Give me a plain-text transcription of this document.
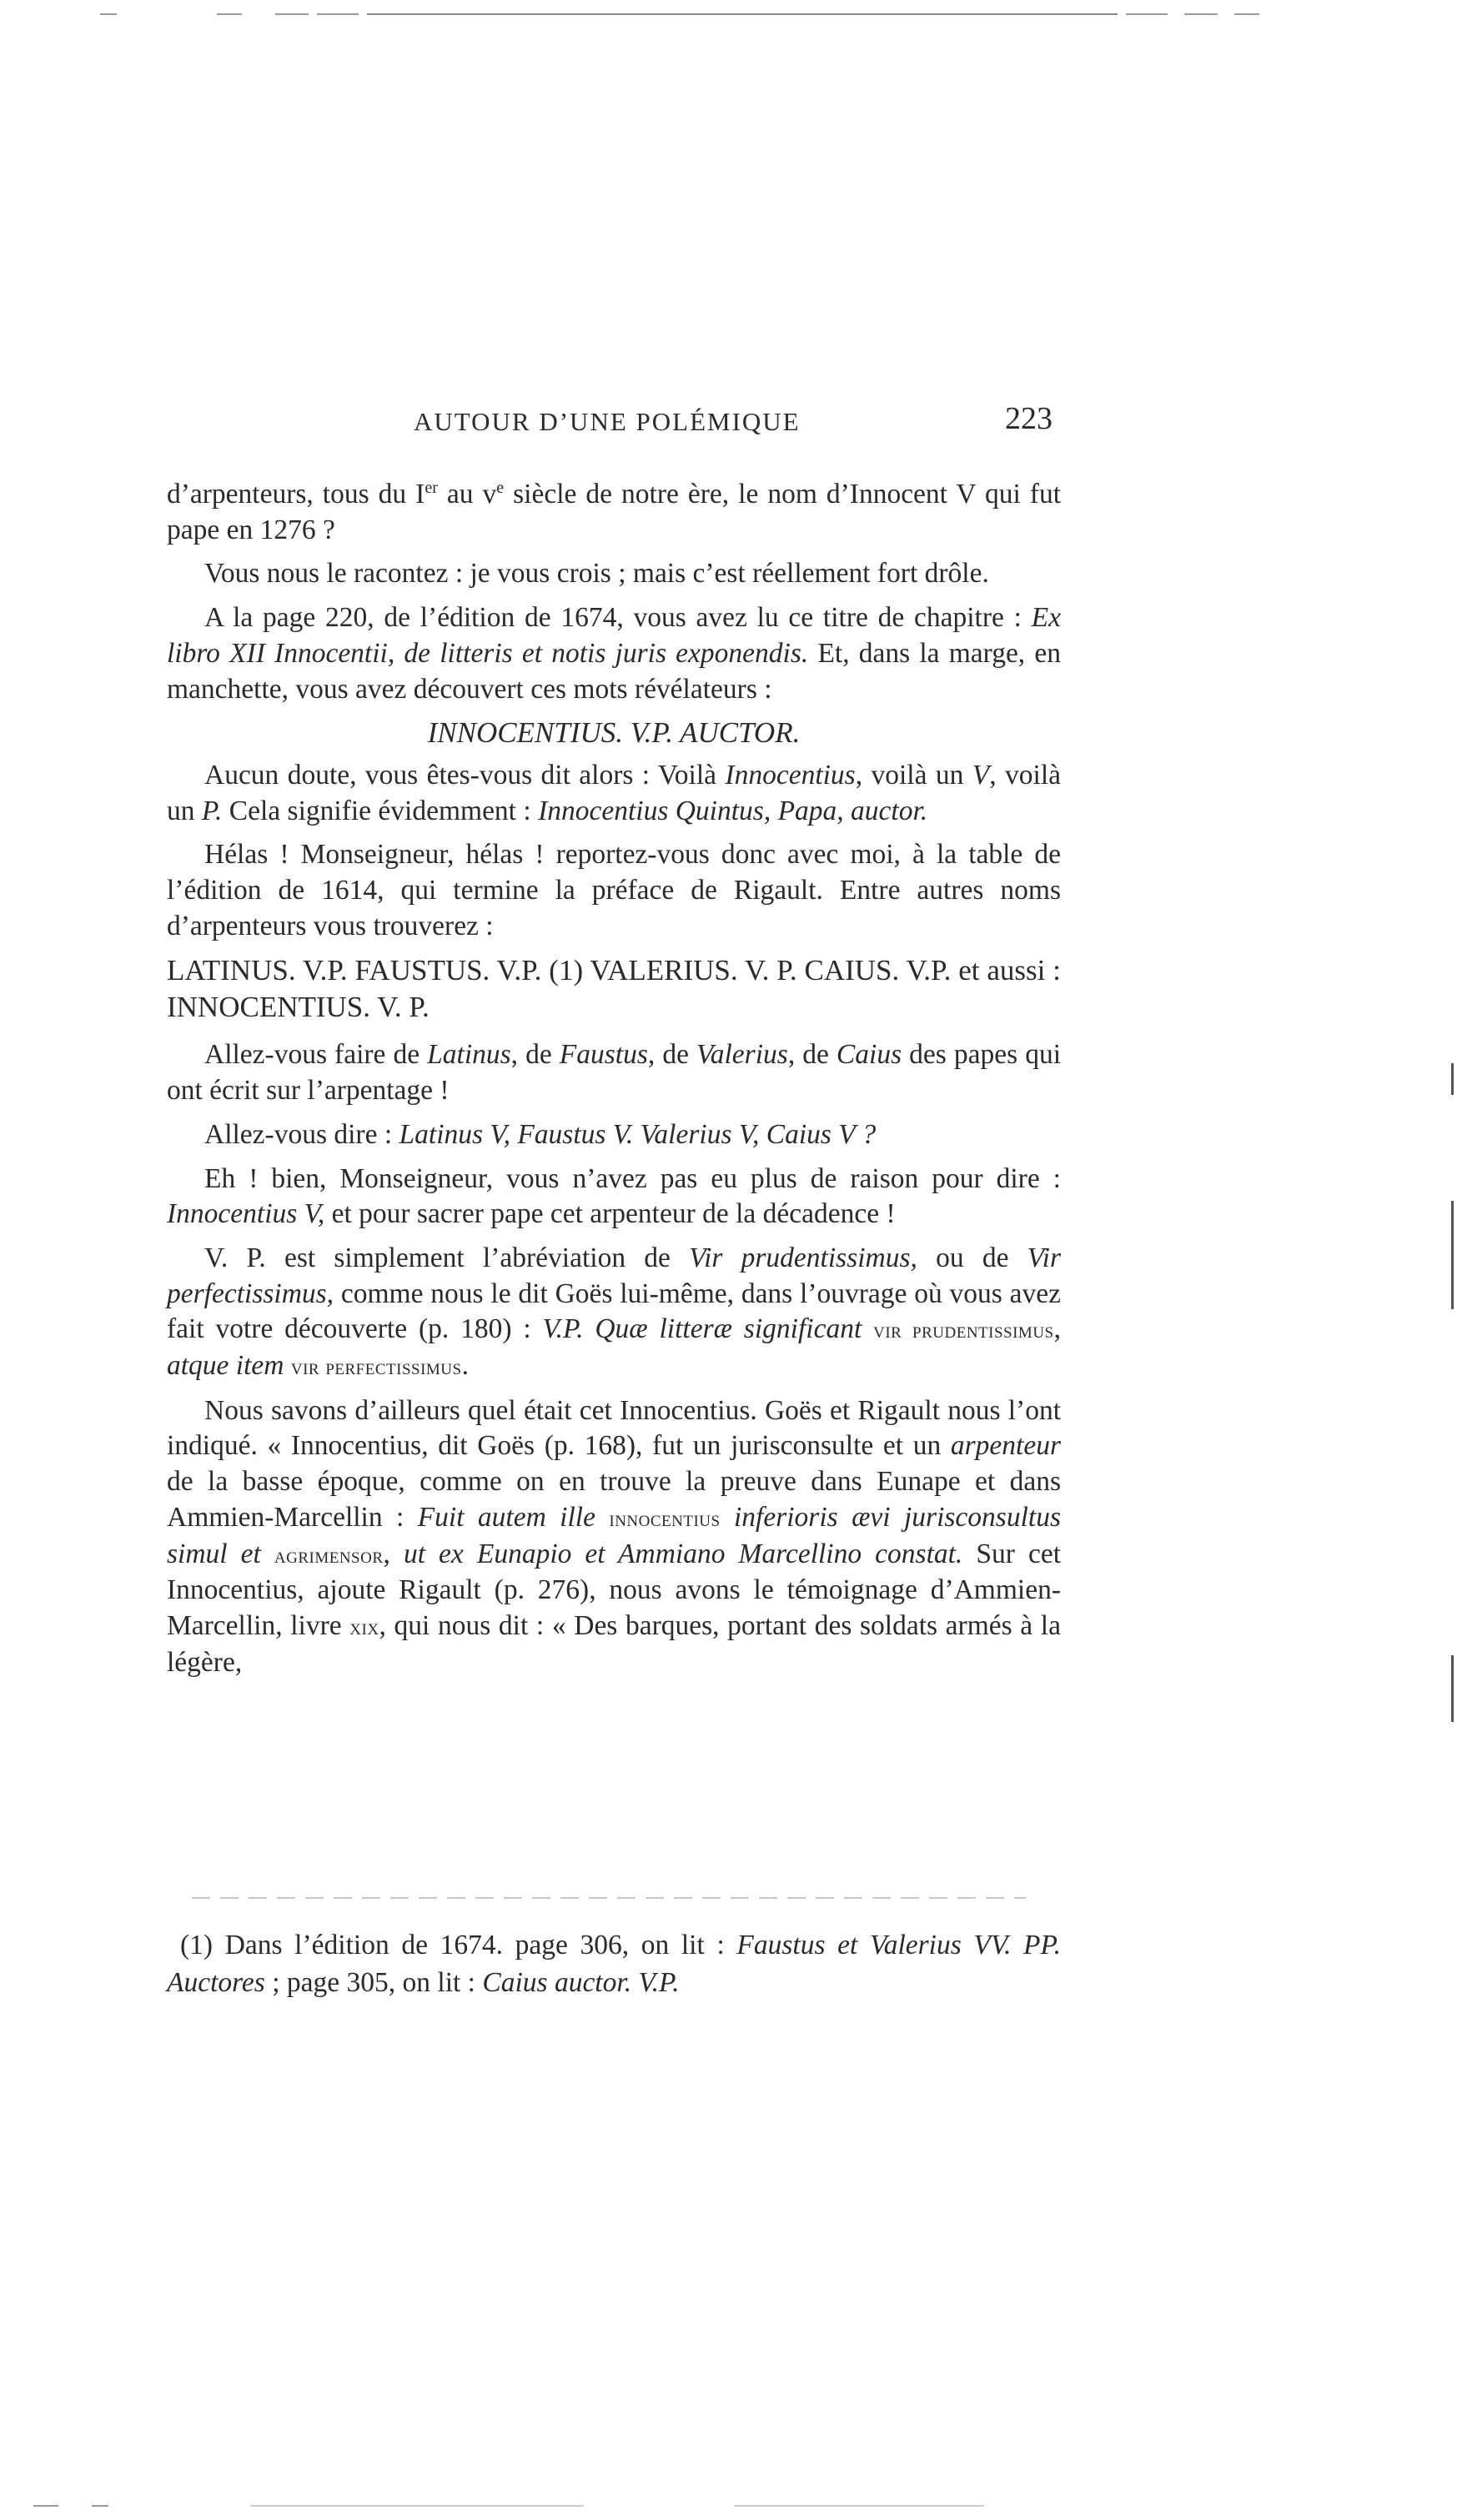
AUTOUR D’UNE POLÉMIQUE	223

d’arpenteurs, tous du Ier au $v^e$ siècle de notre ère, le nom d’Innocent V qui fut pape en 1276 ?

Vous nous le racontez : je vous crois ; mais c’est réellement fort drôle.

A la page 220, de l’édition de 1674, vous avez lu ce titre de chapitre : Ex libro XII Innocentii, de litteris et notis juris exponendis. Et, dans la marge, en manchette, vous avez découvert ces mots révélateurs :

INNOCENTIUS. V.P. AUCTOR.

Aucun doute, vous êtes-vous dit alors : Voilà Innocentius, voilà un V, voilà un P. Cela signifie évidemment : Innocentius Quintus, Papa, auctor.

Hélas ! Monseigneur, hélas ! reportez-vous donc avec moi, à la table de l’édition de 1614, qui termine la préface de Rigault. Entre autres noms d’arpenteurs vous trouverez :

LATINUS. V.P. FAUSTUS. V.P. (1) VALERIUS. V. P. CAIUS. V.P. et aussi : INNOCENTIUS. V. P.

Allez-vous faire de Latinus, de Faustus, de Valerius, de Caius des papes qui ont écrit sur l’arpentage !

Allez-vous dire : Latinus V, Faustus V. Valerius V, Caius V ?

Eh ! bien, Monseigneur, vous n’avez pas eu plus de raison pour dire : Innocentius V, et pour sacrer pape cet arpenteur de la décadence !

V. P. est simplement l’abréviation de Vir prudentissimus, ou de Vir perfectissimus, comme nous le dit Goës lui-même, dans l’ouvrage où vous avez fait votre découverte (p. 180) : V.P. Quæ litteræ significant vir prudentissimus, atque item vir perfectissimus.

Nous savons d’ailleurs quel était cet Innocentius. Goës et Rigault nous l’ont indiqué. « Innocentius, dit Goës (p. 168), fut un jurisconsulte et un arpenteur de la basse époque, comme on en trouve la preuve dans Eunape et dans Ammien-Marcellin : Fuit autem ille innocentius inferioris ævi jurisconsultus simul et agrimensor, ut ex Eunapio et Ammiano Marcellino constat. Sur cet Innocentius, ajoute Rigault (p. 276), nous avons le témoignage d’Ammien-Marcellin, livre xix, qui nous dit : « Des barques, portant des soldats armés à la légère,

(1) Dans l’édition de 1674. page 306, on lit : Faustus et Valerius VV. PP. Auctores ; page 305, on lit : Caius auctor. V.P.
